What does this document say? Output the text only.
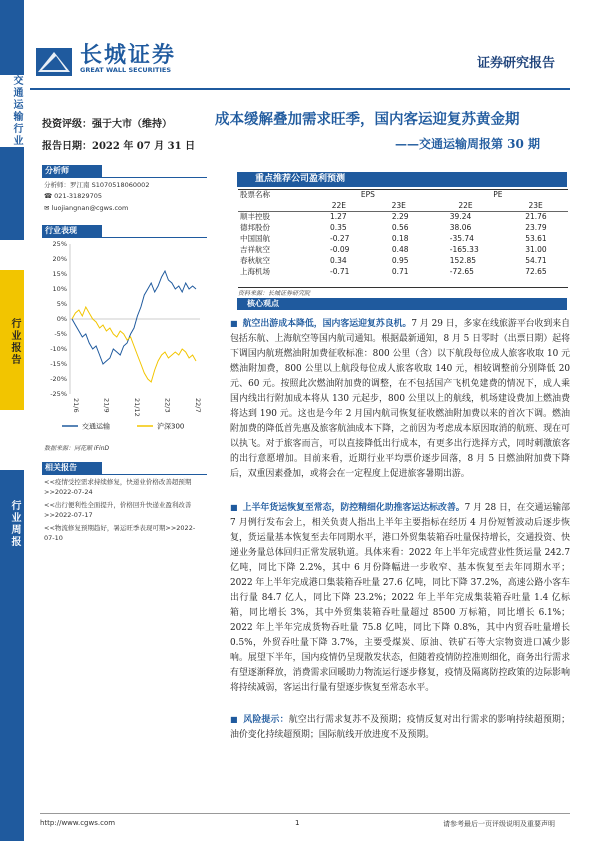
交通运输行业
行业报告
行业周报
长城证券
GREAT WALL SECURITIES	证券研究报告
投资评级：强于大市（维持）
报告日期：2022 年 07 月 31 日
成本缓解叠加需求旺季，国内客运迎复苏黄金期
——交通运输周报第 30 期
分析师
分析师：罗江南 S1070518060002
☎ 021-31829705
✉ luojiangnan@cgws.com
行业表现
25%
20%
15%
10%
5%
0%
-5%
-10%
-15%
-20%
-25%
21/6	21/9	21/12	22/3	22/7
交通运输	沪深300
数据来源：同花顺 iFinD
相关报告
<<疫情受控需求持续修复，快递业价格改善超预期>>2022-07-24
<<出行便利性全面提升，价格回升快递业盈利改善>>2022-07-17
<<物流修复预期趋好，暑运旺季表现可期>>2022-07-10
重点推荐公司盈利预测
股票名称	EPS		PE	
	22E	23E	22E	23E
顺丰控股	1.27	2.29	39.24	21.76
德邦股份	0.35	0.56	38.06	23.79
中国国航	-0.27	0.18	-35.74	53.61
吉祥航空	-0.09	0.48	-165.33	31.00
春秋航空	0.34	0.95	152.85	54.71
上海机场	-0.71	0.71	-72.65	72.65
资料来源：长城证券研究院
核心观点
■  航空出游成本降低，国内客运迎复苏良机。7 月 29 日，多家在线旅游平台收到来自包括东航、上海航空等国内航司通知。根据最新通知，8 月 5 日零时（出票日期）起将下调国内航班燃油附加费征收标准：800 公里（含）以下航段每位成人旅客收取 10 元燃油附加费，800 公里以上航段每位成人旅客收取 140 元，相较调整前分别降低 20 元、60 元。按照此次燃油附加费的调整，在不包括国产飞机免建费的情况下，成人乘国内线出行附加成本将从 130 元起步，800 公里以上的航线，机场建设费加上燃油费将达到 190 元。这也是今年 2 月国内航司恢复征收燃油附加费以来的首次下调。燃油附加费的降低首先惠及旅客航油成本下降，之前因为考虑成本原因取消的航班、现在可以执飞。对于旅客而言，可以直接降低出行成本，有更多出行选择方式，同时刺激旅客的出行意愿增加。目前来看，近期行业平均票价逐步回落，8 月 5 日燃油附加费下降后，双重因素叠加，或将会在一定程度上促进旅客暑期出游。
■  上半年货运恢复至常态，防控精细化助推客运达标改善。7 月 28 日，在交通运输部 7 月例行发布会上，相关负责人指出上半年主要指标在经历 4 月份短暂波动后逐步恢复，货运量基本恢复至去年同期水平，港口外贸集装箱吞吐量保持增长，交通投资、快递业务量总体回归正常发展轨道。具体来看：2022 年上半年完成营业性货运量 242.7 亿吨，同比下降 2.2%，其中 6 月份降幅进一步收窄、基本恢复至去年同期水平；2022 年上半年完成港口集装箱吞吐量 27.6 亿吨，同比下降 37.2%，高速公路小客车出行量 84.7 亿人，同比下降 23.2%；2022 年上半年完成集装箱吞吐量 1.4 亿标箱，同比增长 3%，其中外贸集装箱吞吐量超过 8500 万标箱，同比增长 6.1%；2022 年上半年完成货物吞吐量 75.8 亿吨，同比下降 0.8%，其中内贸吞吐量增长 0.5%，外贸吞吐量下降 3.7%，主要受煤炭、原油、铁矿石等大宗物资进口减少影响。展望下半年，国内疫情仍呈现散发状态，但随着疫情防控准则细化，商务出行需求有望逐渐释放，消费需求回暖助力物流运行逐步修复，疫情及隔离防控政策的边际影响将持续减弱，客运出行量有望逐步恢复至常态水平。
■  风险提示：航空出行需求复苏不及预期；疫情反复对出行需求的影响持续超预期；油价变化持续超预期；国际航线开放进度不及预期。
http://www.cgws.com	1	请参考最后一页评级说明及重要声明
